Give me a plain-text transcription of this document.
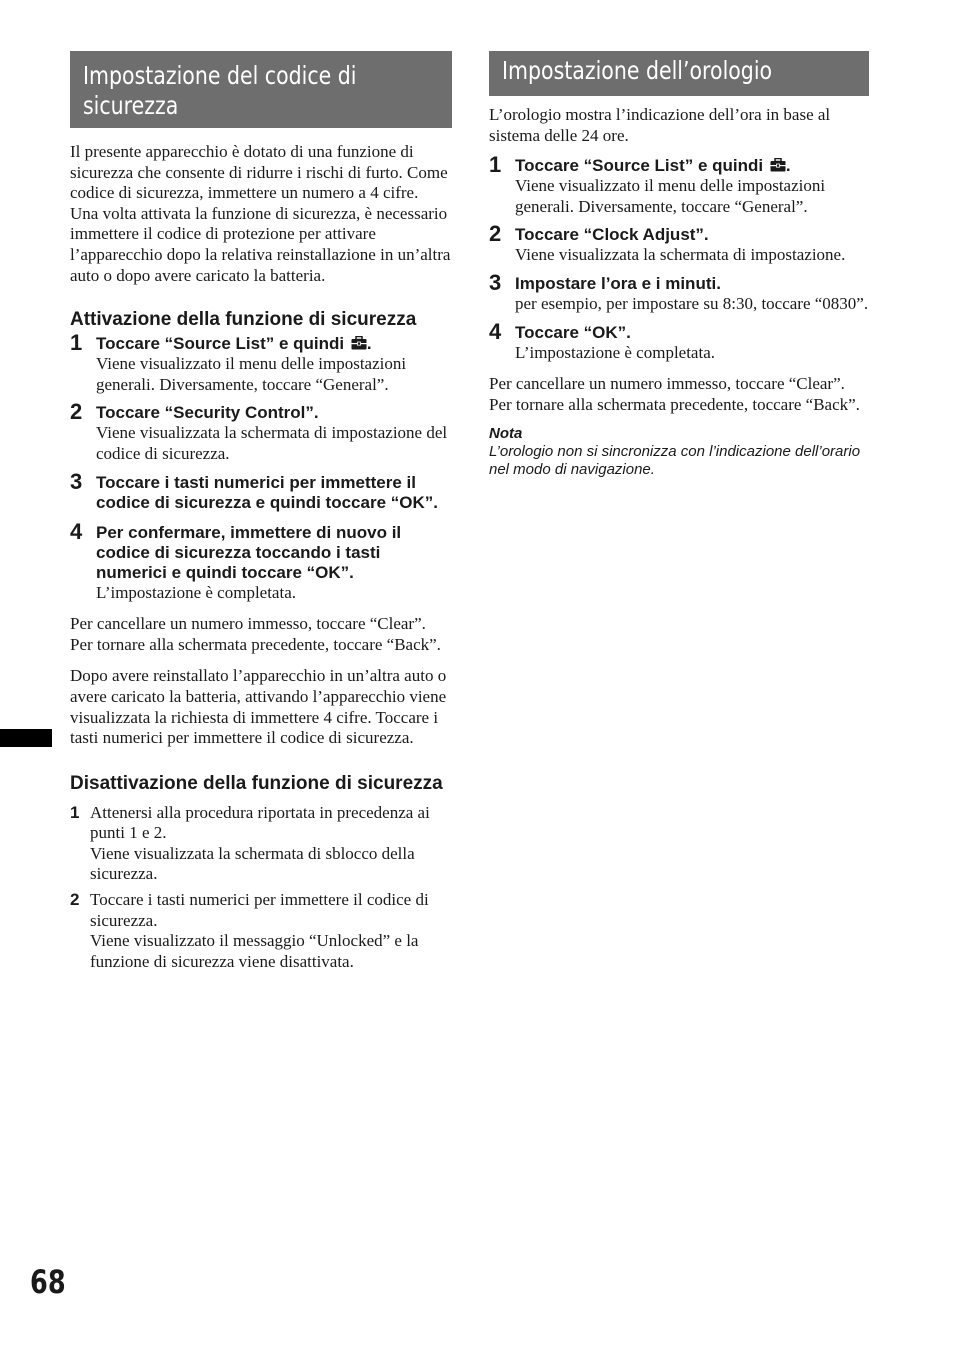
Impostazione del codice di
sicurezza

Il presente apparecchio è dotato di una funzione di sicurezza che consente di ridurre i rischi di furto. Come codice di sicurezza, immettere un numero a 4 cifre.

Una volta attivata la funzione di sicurezza, è necessario immettere il codice di protezione per attivare l’apparecchio dopo la relativa reinstallazione in un’altra auto o dopo avere caricato la batteria.

Attivazione della funzione di sicurezza
1 Toccare “Source List” e quindi .
Viene visualizzato il menu delle impostazioni generali. Diversamente, toccare “General”.
2 Toccare “Security Control”.
Viene visualizzata la schermata di impostazione del codice di sicurezza.
3 Toccare i tasti numerici per immettere il codice di sicurezza e quindi toccare “OK”.
4 Per confermare, immettere di nuovo il codice di sicurezza toccando i tasti numerici e quindi toccare “OK”.
L’impostazione è completata.

Per cancellare un numero immesso, toccare “Clear”.

Per tornare alla schermata precedente, toccare “Back”.

Dopo avere reinstallato l’apparecchio in un’altra auto o avere caricato la batteria, attivando l’apparecchio viene visualizzata la richiesta di immettere 4 cifre. Toccare i tasti numerici per immettere il codice di sicurezza.

Disattivazione della funzione di sicurezza
1 Attenersi alla procedura riportata in precedenza ai punti 1 e 2.

Viene visualizzata la schermata di sblocco della sicurezza.

2 Toccare i tasti numerici per immettere il codice di sicurezza.

Viene visualizzato il messaggio “Unlocked” e la funzione di sicurezza viene disattivata.

Impostazione dell’orologio

L’orologio mostra l’indicazione dell’ora in base al sistema delle 24 ore.

1 Toccare “Source List” e quindi .
Viene visualizzato il menu delle impostazioni generali. Diversamente, toccare “General”.
2 Toccare “Clock Adjust”.
Viene visualizzata la schermata di impostazione.
3 Impostare l’ora e i minuti.
per esempio, per impostare su 8:30, toccare “0830”.
4 Toccare “OK”.
L’impostazione è completata.

Per cancellare un numero immesso, toccare “Clear”.

Per tornare alla schermata precedente, toccare “Back”.

Nota
L’orologio non si sincronizza con l’indicazione dell’orario nel modo di navigazione.
68
